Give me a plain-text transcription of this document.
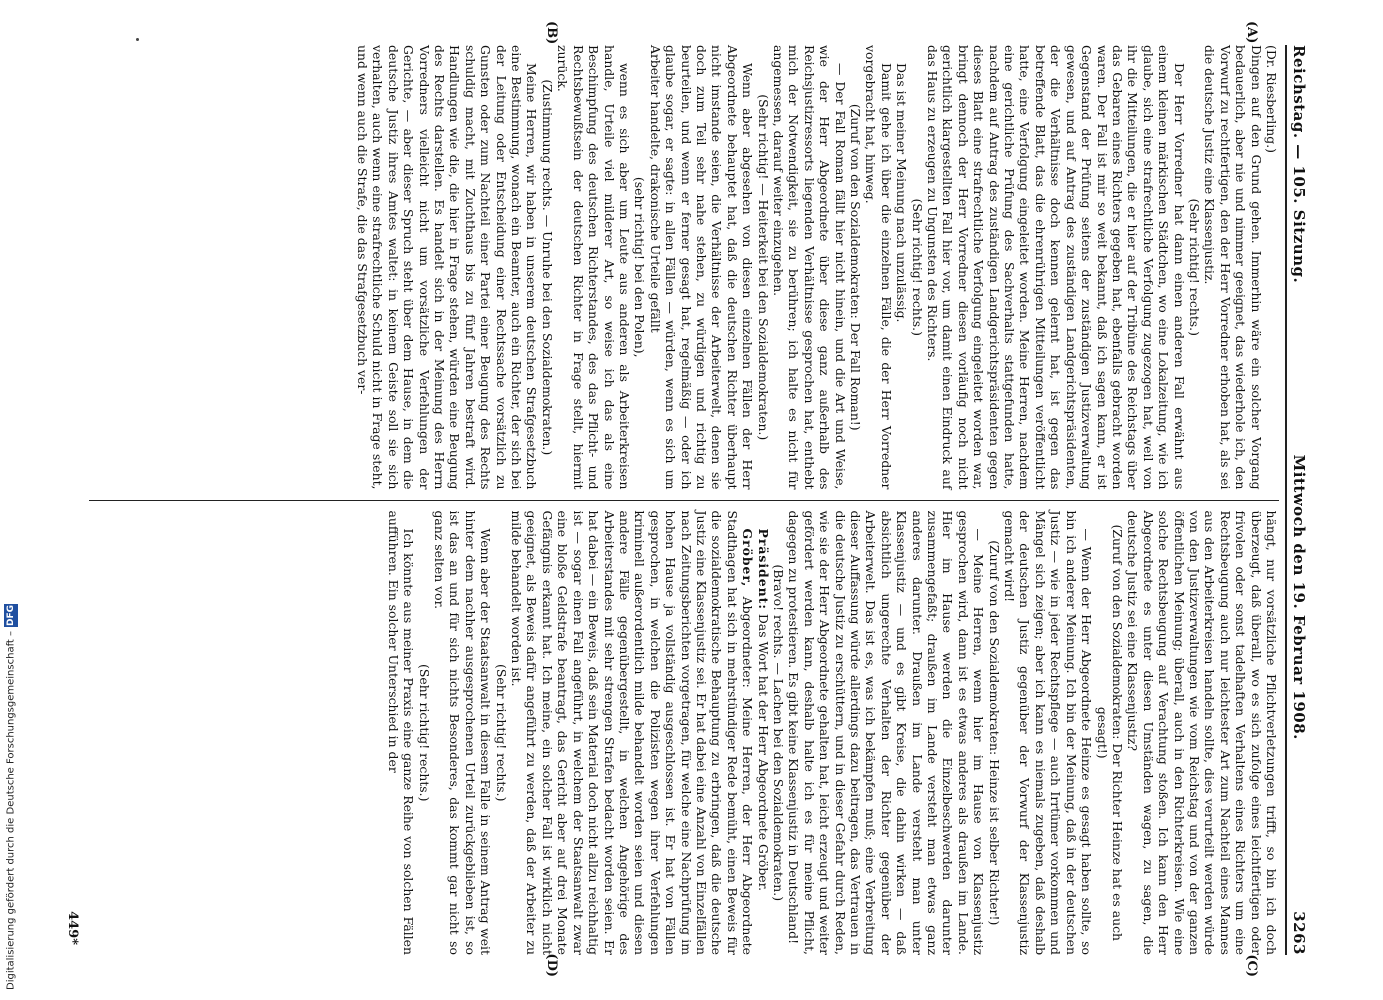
Digitalisierung gefördert durch die Deutsche Forschungsgemeinschaft –
DFG
Reichstag. — 105. Sitzung.
Mittwoch den 19. Februar 1908.
3263
(A)
(B)

(Dr. Riesberling.)

Dingen auf den Grund gehen. Immerhin wäre ein solcher Vorgang bedauerlich, aber nie und nimmer geeignet, das wiederhole ich, den Vorwurf zu rechtfertigen, den der Herr Vorredner erhoben hat, als sei die deutsche Justiz eine Klassenjustiz.

(Sehr richtig! rechts.)

Der Herr Vorredner hat dann einen anderen Fall erwähnt aus einem kleinen märkischen Städtchen, wo eine Lokalzeitung, wie ich glaube, sich eine strafrechtliche Verfolgung zugezogen hat, weil von ihr die Mitteilungen, die er hier auf der Tribüne des Reichstags über das Gebaren eines Richters gegeben hat, ebenfalls gebracht worden waren. Der Fall ist mir so weit bekannt, daß ich sagen kann, er ist Gegenstand der Prüfung seitens der zuständigen Justizverwaltung gewesen, und auf Antrag des zuständigen Landgerichtspräsidenten, der die Verhältnisse doch kennen gelernt hat, ist gegen das betreffende Blatt, das die ehrenrührigen Mitteilungen veröffentlicht hatte, eine Verfolgung eingeleitet worden. Meine Herren, nachdem eine gerichtliche Prüfung des Sachverhalts stattgefunden hatte, nachdem auf Antrag des zuständigen Landgerichtspräsidenten gegen dieses Blatt eine strafrechtliche Verfolgung eingeleitet worden war, bringt dennoch der Herr Vorredner diesen vorläufig noch nicht gerichtlich klargestellten Fall hier vor, um damit einen Eindruck auf das Haus zu erzeugen zu Ungunsten des Richters.

(Sehr richtig! rechts.)

Das ist meiner Meinung nach unzulässig.

Damit gehe ich über die einzelnen Fälle, die der Herr Vorredner vorgebracht hat, hinweg.

(Zuruf von den Sozialdemokraten: Der Fall Roman!)

— Der Fall Roman fällt hier nicht hinein, und die Art und Weise, wie der Herr Abgeordnete über diese ganz außerhalb des Reichsjustizressorts liegenden Verhältnisse gesprochen hat, enthebt mich der Notwendigkeit, sie zu berühren; ich halte es nicht für angemessen, darauf weiter einzugehen.

(Sehr richtig! — Heiterkeit bei den Sozialdemokraten.)

Wenn aber abgesehen von diesen einzelnen Fällen der Herr Abgeordnete behauptet hat, daß die deutschen Richter überhaupt nicht imstande seien, die Verhältnisse der Arbeiterwelt, denen sie doch zum Teil sehr nahe stehen, zu würdigen und richtig zu beurteilen, und wenn er ferner gesagt hat, regelmäßig — oder ich glaube sogar, er sagte: in allen Fällen — würden, wenn es sich um Arbeiter handelte, drakonische Urteile gefällt

(sehr richtig! bei den Polen),

wenn es sich aber um Leute aus anderen als Arbeiterkreisen handle, Urteile viel milderer Art, so weise ich das als eine Beschimpfung des deutschen Richterstandes, des das Pflicht- und Rechtsbewußtsein der deutschen Richter in Frage stellt, hiermit zurück.

(Zustimmung rechts. — Unruhe bei den Sozialdemokraten.)

Meine Herren, wir haben in unserem deutschen Strafgesetzbuch eine Bestimmung, wonach ein Beamter, auch ein Richter, der sich bei der Leitung oder Entscheidung einer Rechtssache vorsätzlich zu Gunsten oder zum Nachteil einer Partei einer Beugung des Rechts schuldig macht, mit Zuchthaus bis zu fünf Jahren bestraft wird. Handlungen wie die, die hier in Frage stehen, würden eine Beugung des Rechts darstellen. Es handelt sich in der Meinung des Herrn Vorredners vielleicht nicht um vorsätzliche Verfehlungen der Gerichte, — aber dieser Spruch steht über dem Hause, in dem die deutsche Justiz ihres Amtes waltet: in keinem Geiste soll sie sich verhalten, auch wenn eine strafrechtliche Schuld nicht in Frage steht, und wenn auch die Strafe, die das Strafgesetzbuch ver-

(C)
(D)

hängt, nur vorsätzliche Pflichtverletzungen trifft, so bin ich doch überzeugt, daß überall, wo es sich zufolge eines leichtfertigen oder frivolen oder sonst tadelhaften Verhaltens eines Richters um eine Rechtsbeugung auch nur leichtester Art zum Nachteil eines Mannes aus den Arbeiterkreisen handeln sollte, dies verurteilt werden würde von den Justizverwaltungen wie vom Reichstag und von der ganzen öffentlichen Meinung; überall, auch in den Richterkreisen. Wie eine solche Rechtsbeugung auf Verachtung stoßen. Ich kann den Herr Abgeordnete es unter diesen Umständen wagen, zu sagen, die deutsche Justiz sei eine Klassenjustiz?

(Zuruf von den Sozialdemokraten: Der Richter Heinze hat es auch gesagt!)

— Wenn der Herr Abgeordnete Heinze es gesagt haben sollte, so bin ich anderer Meinung. Ich bin der Meinung, daß in der deutschen Justiz — wie in jeder Rechtspflege — auch Irrtümer vorkommen und Mängel sich zeigen; aber ich kann es niemals zugeben, daß deshalb der deutschen Justiz gegenüber der Vorwurf der Klassenjustiz gemacht wird!

(Zuruf von den Sozialdemokraten: Heinze ist selber Richter!)

— Meine Herren, wenn hier im Hause von Klassenjustiz gesprochen wird, dann ist es etwas anderes als draußen im Lande. Hier im Hause werden die Einzelbeschwerden darunter zusammengefaßt; draußen im Lande versteht man etwas ganz anderes darunter. Draußen im Lande versteht man unter Klassenjustiz — und es gibt Kreise, die dahin wirken — daß absichtlich ungerechte Verhalten der Richter gegenüber der Arbeiterwelt. Das ist es, was ich bekämpfen muß; eine Verbreitung dieser Auffassung würde allerdings dazu beitragen, das Vertrauen in die deutsche Justiz zu erschüttern, und in dieser Gefahr durch Reden, wie sie der Herr Abgeordnete gehalten hat, leicht erzeugt und weiter gefördert werden kann, deshalb halte ich es für meine Pflicht, dagegen zu protestieren. Es gibt keine Klassenjustiz in Deutschland!

(Bravo! rechts. — Lachen bei den Sozialdemokraten.)

Präsident: Das Wort hat der Herr Abgeordnete Gröber.

Gröber, Abgeordneter: Meine Herren, der Herr Abgeordnete Stadthagen hat sich in mehrstündiger Rede bemüht, einen Beweis für die sozialdemokratische Behauptung zu erbringen, daß die deutsche Justiz eine Klassenjustiz sei. Er hat dabei eine Anzahl von Einzelfällen nach Zeitungsberichten vorgetragen, für welche eine Nachprüfung im hohen Hause ja vollständig ausgeschlossen ist. Er hat von Fällen gesprochen, in welchen die Polizisten wegen ihrer Verfehlungen kriminell außerordentlich milde behandelt worden seien und diesen andere Fälle gegenübergestellt, in welchen Angehörige des Arbeiterstandes mit sehr strengen Strafen bedacht worden seien. Er hat dabei — ein Beweis, daß sein Material doch nicht allzu reichhaltig ist — sogar einen Fall angeführt, in welchem der Staatsanwalt zwar eine bloße Geldstrafe beantragt, das Gericht aber auf drei Monate Gefängnis erkannt hat. Ich meine, ein solcher Fall ist wirklich nicht geeignet, als Beweis dafür angeführt zu werden, daß der Arbeiter zu milde behandelt worden ist.

(Sehr richtig! rechts.)

Wenn aber der Staatsanwalt in diesem Falle in seinem Antrag weit hinter dem nachher ausgesprochenen Urteil zurückgeblieben ist, so ist das an und für sich nichts Besonderes, das kommt gar nicht so ganz selten vor.

(Sehr richtig! rechts.)

Ich könnte aus meiner Praxis eine ganze Reihe von solchen Fällen aufführen. Ein solcher Unterschied in der

449*
